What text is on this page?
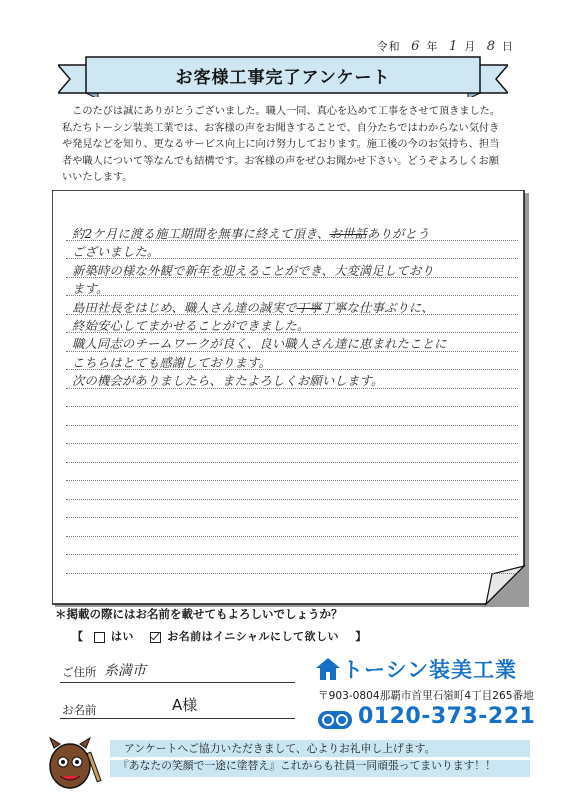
令和 6 年 1 月 8 日
お客様工事完了アンケート
　このたびは誠にありがとうございました。職人一同、真心を込めて工事をさせて頂きました。
私たちトーシン装美工業では、お客様の声をお聞きすることで、自分たちではわからない気付き
や発見などを知り、更なるサービス向上に向け努力しております。施工後の今のお気持ち、担当
者や職人について等なんでも結構です。お客様の声をぜひお聞かせ下さい。どうぞよろしくお願
いいたします。
約2ケ月に渡る施工期間を無事に終えて頂き、お世話ありがとう
ございました。
新築時の様な外観で新年を迎えることができ、大変満足しており
ます。
島田社長をはじめ、職人さん達の誠実で丁寧丁寧な仕事ぶりに、
終始安心してまかせることができました。
職人同志のチームワークが良く、良い職人さん達に恵まれたことに
こちらはとても感謝しております。
次の機会がありましたら、またよろしくお願いします。
＊掲載の際にはお名前を載せてもよろしいでしょうか？
【 はい	お名前はイニシャルにして欲しい 】
ご住所 糸満市
お名前	A様
トーシン装美工業
〒903-0804那覇市首里石嶺町4丁目265番地
0120-373-221
アンケートへご協力いただきまして、心よりお礼申し上げます。
『あなたの笑顔で一途に塗替え』これからも社員一同頑張ってまいります！！
